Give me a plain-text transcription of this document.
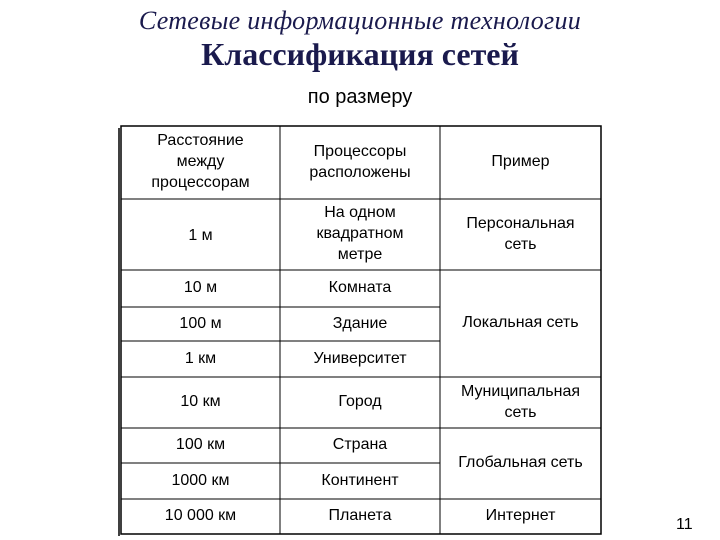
Сетевые информационные технологии
Классификация сетей
по размеру
Расстояние
между
процессорам
Процессоры
расположены
Пример
1 м
10 м
100 м
1 км
10 км
100 км
1000 км
10 000 км
На одном
квадратном
метре
Комната
Здание
Университет
Город
Страна
Континент
Планета
Персональная
сеть
Локальная сеть
Муниципальная
сеть
Глобальная сеть
Интернет
11
